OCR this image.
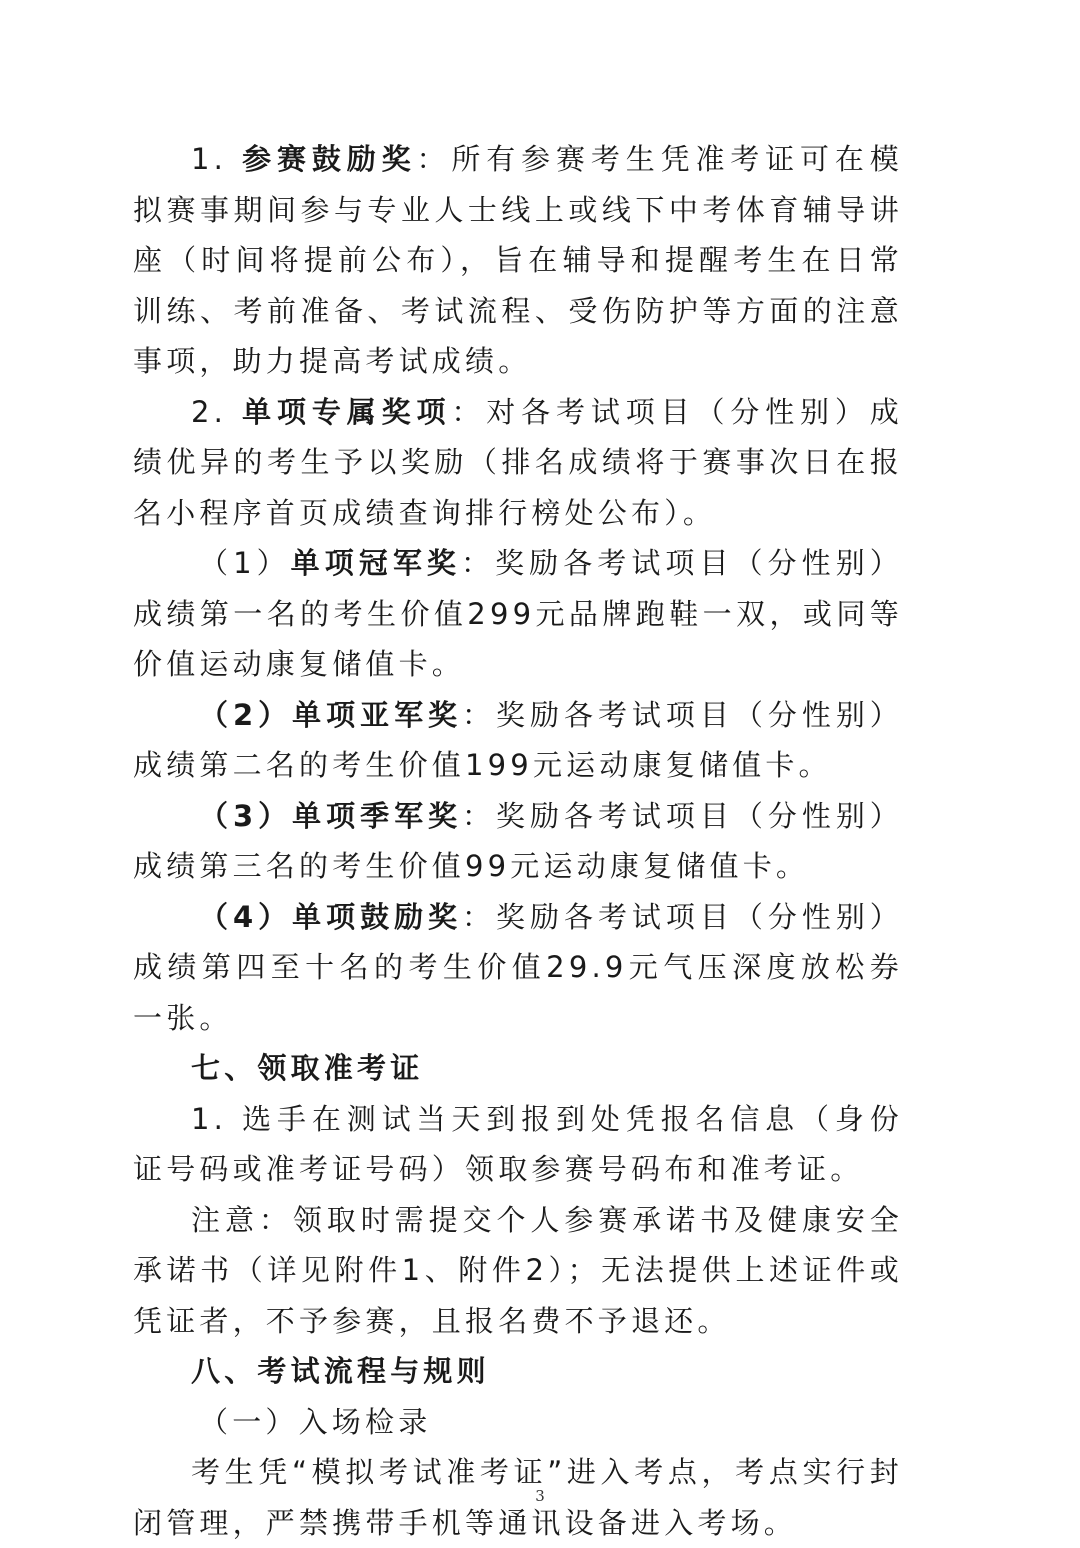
1. 参赛鼓励奖：所有参赛考生凭准考证可在模拟赛事期间参与专业人士线上或线下中考体育辅导讲座（时间将提前公布），旨在辅导和提醒考生在日常训练、考前准备、考试流程、受伤防护等方面的注意事项，助力提高考试成绩。

2. 单项专属奖项：对各考试项目（分性别）成绩优异的考生予以奖励（排名成绩将于赛事次日在报名小程序首页成绩查询排行榜处公布）。

（1）单项冠军奖：奖励各考试项目（分性别）成绩第一名的考生价值299元品牌跑鞋一双，或同等价值运动康复储值卡。

（2）单项亚军奖：奖励各考试项目（分性别）成绩第二名的考生价值199元运动康复储值卡。

（3）单项季军奖：奖励各考试项目（分性别）成绩第三名的考生价值99元运动康复储值卡。

（4）单项鼓励奖：奖励各考试项目（分性别）成绩第四至十名的考生价值29.9元气压深度放松券一张。

七、领取准考证

1. 选手在测试当天到报到处凭报名信息（身份证号码或准考证号码）领取参赛号码布和准考证。

注意：领取时需提交个人参赛承诺书及健康安全承诺书（详见附件1、附件2）；无法提供上述证件或凭证者，不予参赛，且报名费不予退还。

八、考试流程与规则

（一）入场检录

考生凭“模拟考试准考证”进入考点，考点实行封闭管理，严禁携带手机等通讯设备进入考场。

3
